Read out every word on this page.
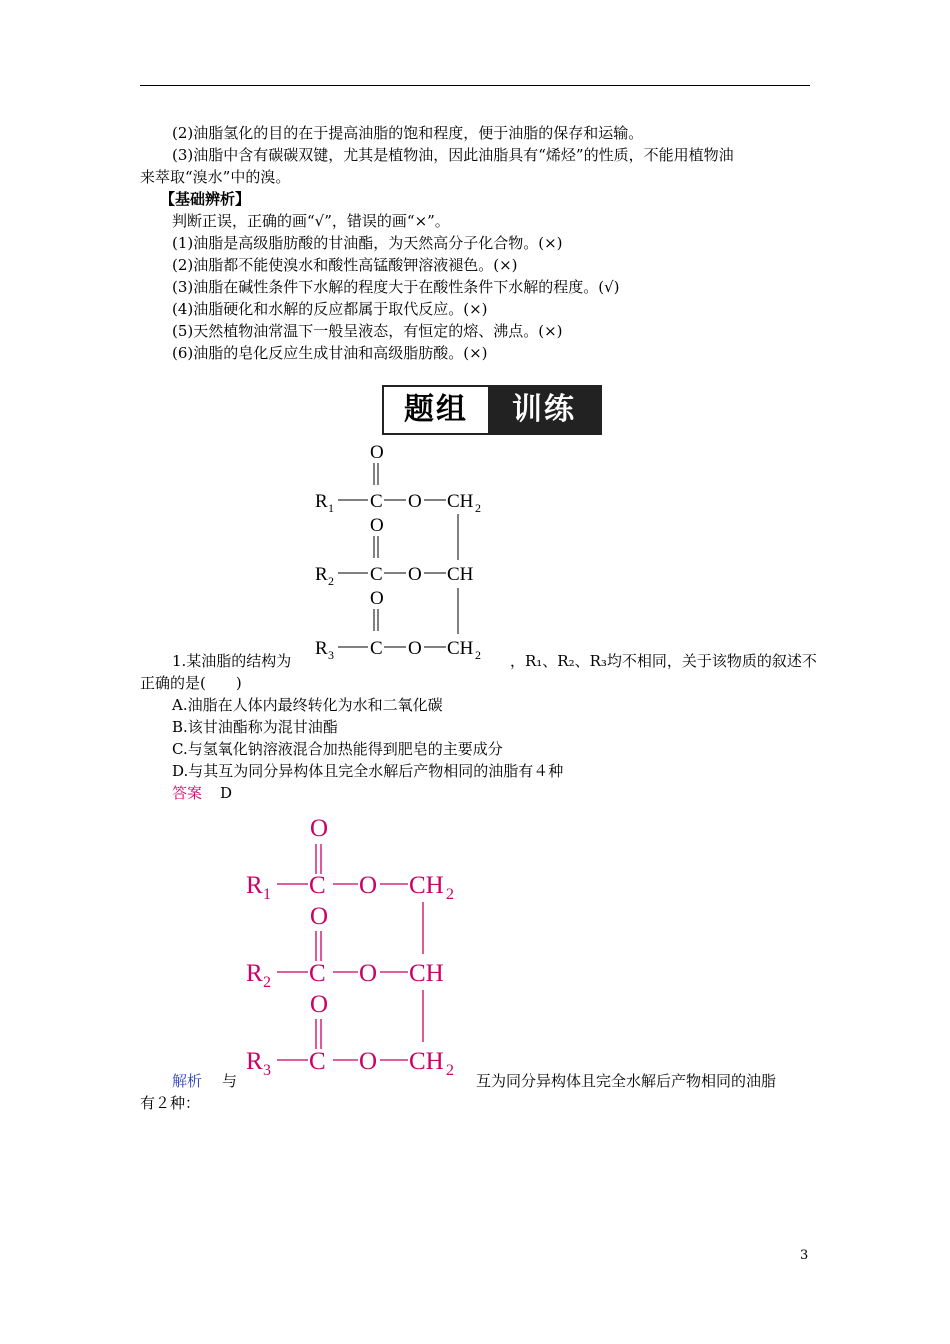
(2)油脂氢化的目的在于提高油脂的饱和程度，便于油脂的保存和运输。
(3)油脂中含有碳碳双键，尤其是植物油，因此油脂具有“烯烃”的性质，不能用植物油
来萃取“溴水”中的溴。
【基础辨析】
判断正误，正确的画“√”，错误的画“×”。
(1)油脂是高级脂肪酸的甘油酯，为天然高分子化合物。(×)
(2)油脂都不能使溴水和酸性高锰酸钾溶液褪色。(×)
(3)油脂在碱性条件下水解的程度大于在酸性条件下水解的程度。(√)
(4)油脂硬化和水解的反应都属于取代反应。(×)
(5)天然植物油常温下一般呈液态，有恒定的熔、沸点。(×)
(6)油脂的皂化反应生成甘油和高级脂肪酸。(×)
题组	训练
O
R 1 C O CH 2
O
R 2 C O CH
O
R 3 C O CH 2
1.某油脂的结构为	，R₁、R₂、R₃均不相同，关于该物质的叙述不
正确的是(　　)
A.油脂在人体内最终转化为水和二氧化碳
B.该甘油酯称为混甘油酯
C.与氢氧化钠溶液混合加热能得到肥皂的主要成分
D.与其互为同分异构体且完全水解后产物相同的油脂有４种
答案 D
O
R 1 C O CH 2
O
R 2 C O CH
O
R 3 C O CH 2
解析 与	互为同分异构体且完全水解后产物相同的油脂
有２种：
3
